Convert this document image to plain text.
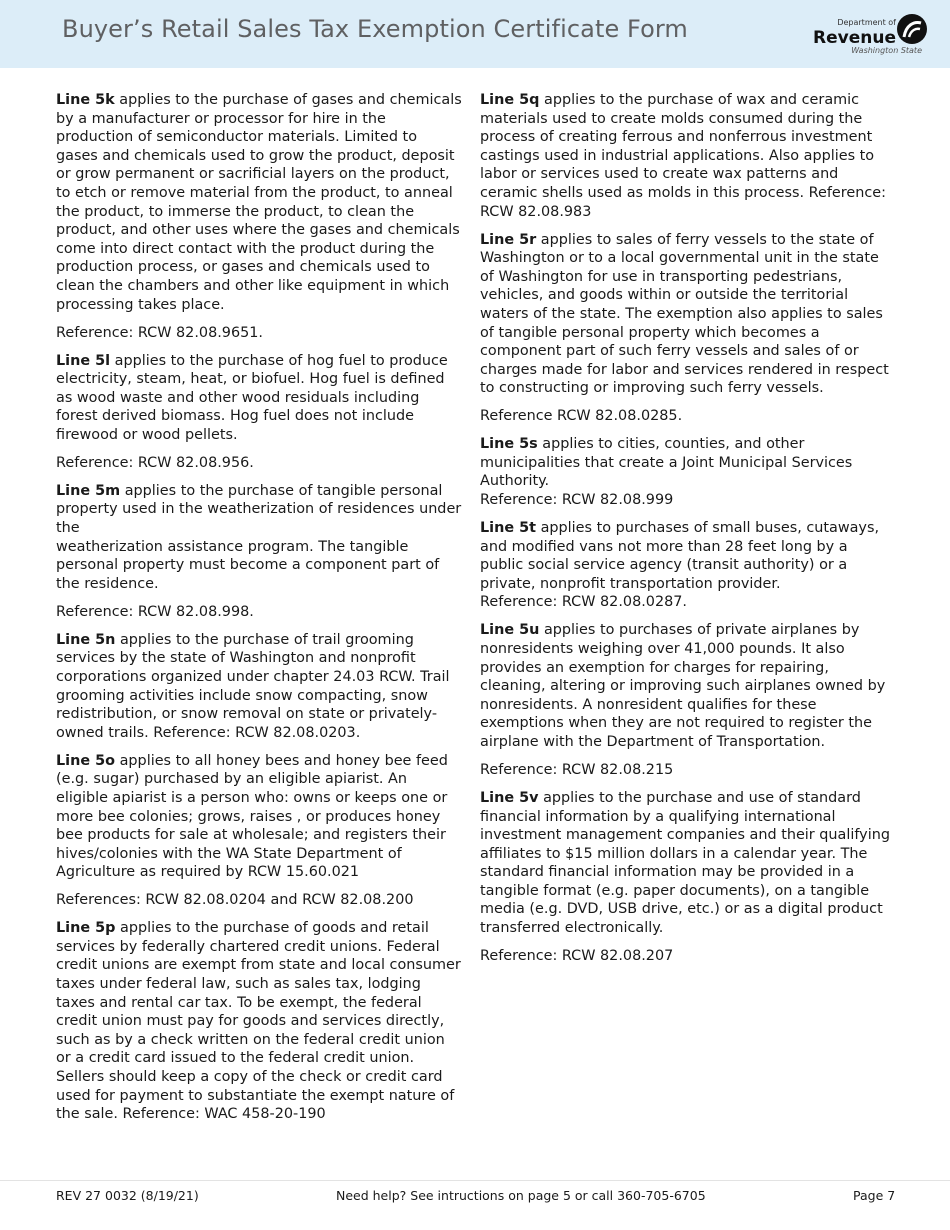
Buyer’s Retail Sales Tax Exemption Certificate Form	Department of
Revenue
Washington State

Line 5k applies to the purchase of gases and chemicals by a manufacturer or processor for hire in the production of semiconductor materials. Limited to gases and chemicals used to grow the product, deposit or grow permanent or sacrificial layers on the product, to etch or remove material from the product, to anneal the product, to immerse the product, to clean the product, and other uses where the gases and chemicals come into direct contact with the product during the production process, or gases and chemicals used to clean the chambers and other like equipment in which processing takes place.

Reference: RCW 82.08.9651.

Line 5l applies to the purchase of hog fuel to produce electricity, steam, heat, or biofuel. Hog fuel is defined as wood waste and other wood residuals including forest derived biomass. Hog fuel does not include firewood or wood pellets.

Reference: RCW 82.08.956.

Line 5m applies to the purchase of tangible personal property used in the weatherization of residences under the
weatherization assistance program. The tangible personal property must become a component part of the residence.

Reference: RCW 82.08.998.

Line 5n applies to the purchase of trail grooming services by the state of Washington and nonprofit corporations organized under chapter 24.03 RCW. Trail grooming activities include snow compacting, snow redistribution, or snow removal on state or privately-owned trails. Reference: RCW 82.08.0203.

Line 5o applies to all honey bees and honey bee feed (e.g. sugar) purchased by an eligible apiarist. An eligible apiarist is a person who: owns or keeps one or more bee colonies; grows, raises , or produces honey bee products for sale at wholesale; and registers their hives/colonies with the WA State Department of Agriculture as required by RCW 15.60.021

References: RCW 82.08.0204 and RCW 82.08.200

Line 5p applies to the purchase of goods and retail services by federally chartered credit unions. Federal credit unions are exempt from state and local consumer taxes under federal law, such as sales tax, lodging taxes and rental car tax. To be exempt, the federal credit union must pay for goods and services directly, such as by a check written on the federal credit union or a credit card issued to the federal credit union. Sellers should keep a copy of the check or credit card used for payment to substantiate the exempt nature of the sale. Reference: WAC 458-20-190

Line 5q applies to the purchase of wax and ceramic materials used to create molds consumed during the process of creating ferrous and nonferrous investment castings used in industrial applications. Also applies to labor or services used to create wax patterns and ceramic shells used as molds in this process. Reference: RCW 82.08.983

Line 5r applies to sales of ferry vessels to the state of Washington or to a local governmental unit in the state of Washington for use in transporting pedestrians, vehicles, and goods within or outside the territorial waters of the state. The exemption also applies to sales of tangible personal property which becomes a component part of such ferry vessels and sales of or charges made for labor and services rendered in respect to constructing or improving such ferry vessels.

Reference RCW 82.08.0285.

Line 5s applies to cities, counties, and other municipalities that create a Joint Municipal Services Authority.
Reference: RCW 82.08.999

Line 5t applies to purchases of small buses, cutaways, and modified vans not more than 28 feet long by a public social service agency (transit authority) or a private, nonprofit transportation provider.
Reference: RCW 82.08.0287.

Line 5u applies to purchases of private airplanes by nonresidents weighing over 41,000 pounds. It also provides an exemption for charges for repairing, cleaning, altering or improving such airplanes owned by nonresidents. A nonresident qualifies for these exemptions when they are not required to register the airplane with the Department of Transportation.

Reference: RCW 82.08.215

Line 5v applies to the purchase and use of standard financial information by a qualifying international investment management companies and their qualifying affiliates to $15 million dollars in a calendar year. The standard financial information may be provided in a tangible format (e.g. paper documents), on a tangible media (e.g. DVD, USB drive, etc.) or as a digital product transferred electronically.

Reference: RCW 82.08.207

REV 27 0032 (8/19/21)	Need help? See intructions on page 5 or call 360-705-6705	Page 7
